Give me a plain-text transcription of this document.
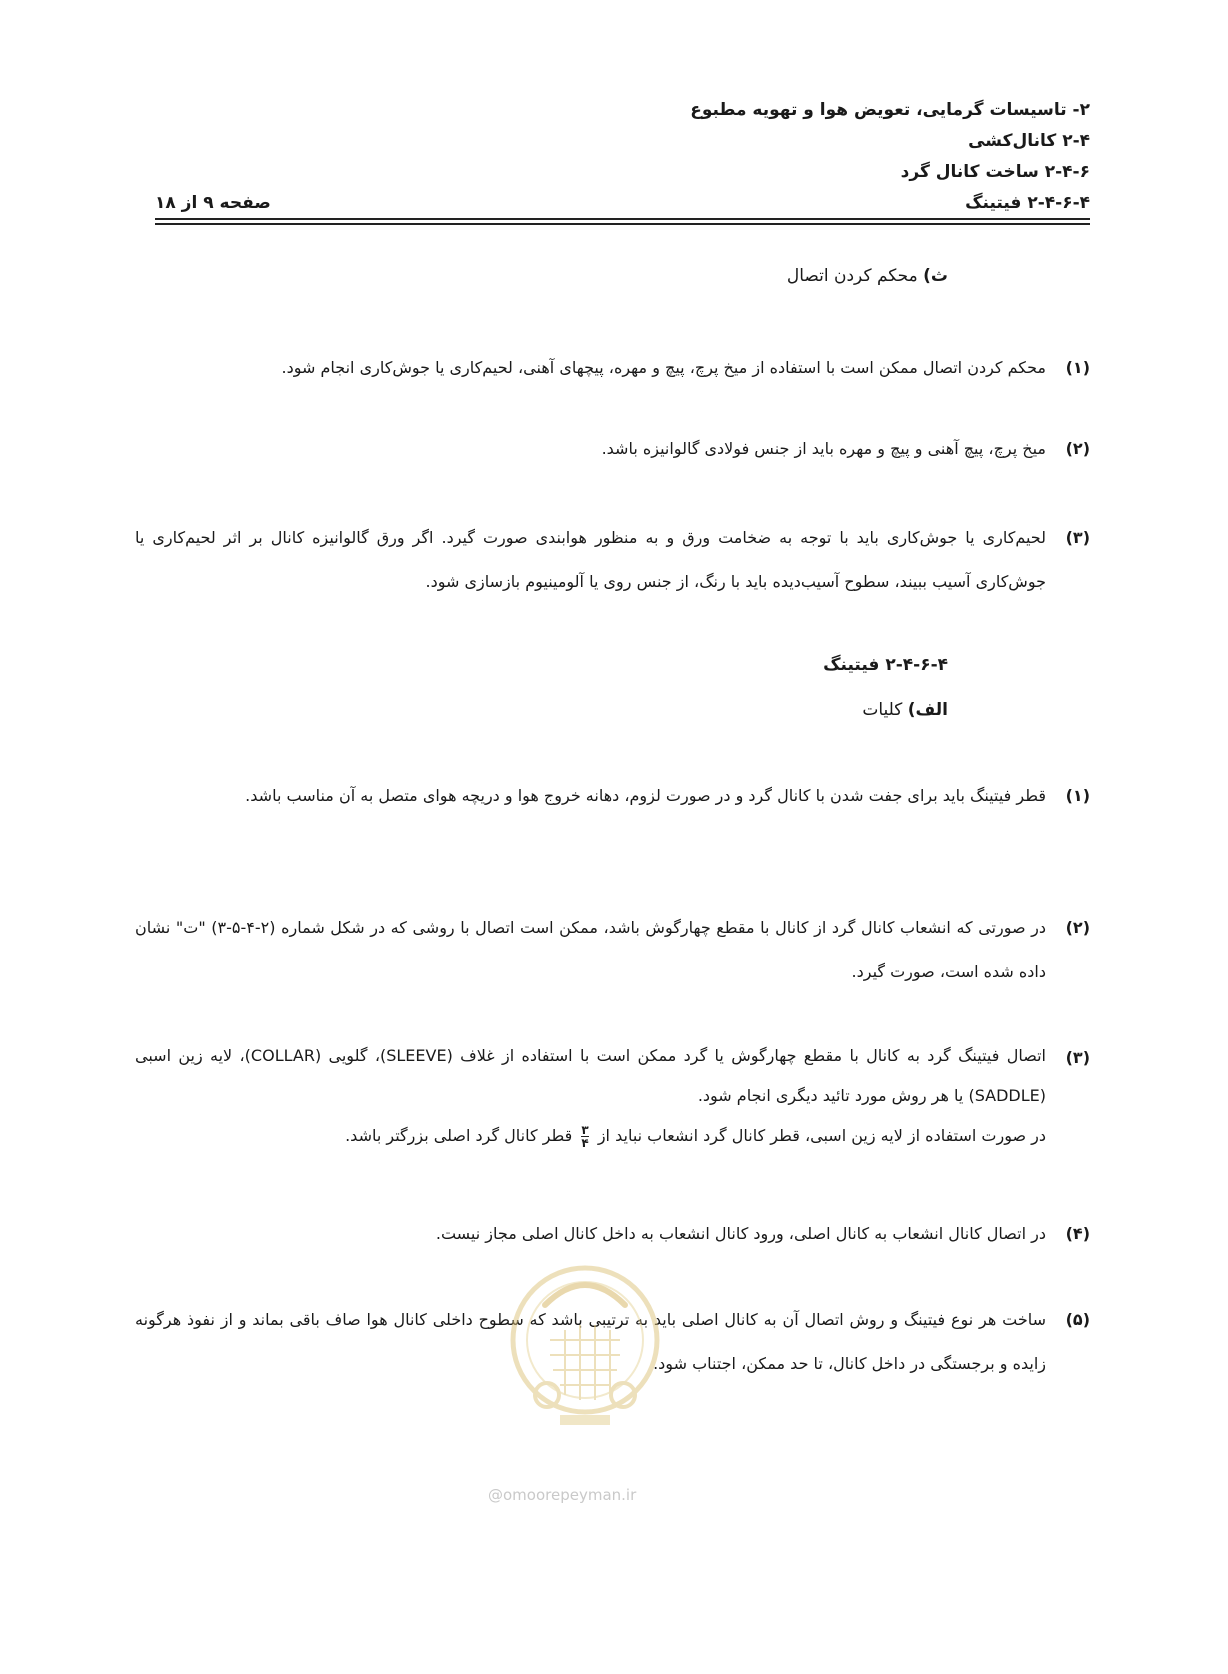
۲- تاسیسات گرمایی، تعویض هوا و تهویه مطبوع
۲-۴ کانال‌کشی
۲-۴-۶ ساخت کانال گرد
۲-۴-۶-۴ فیتینگ
صفحه ۹ از ۱۸
ث) محکم کردن اتصال
(۱)
محکم کردن اتصال ممکن است با استفاده از میخ پرچ، پیچ و مهره، پیچهای آهنی، لحیم‌کاری یا جوش‌کاری انجام شود.
(۲)
میخ پرچ، پیچ آهنی و پیچ و مهره باید از جنس فولادی گالوانیزه باشد.
(۳)
لحیم‌کاری یا جوش‌کاری باید با توجه به ضخامت ورق و به منظور هوابندی صورت گیرد. اگر ورق گالوانیزه کانال بر اثر لحیم‌کاری یا جوش‌کاری آسیب ببیند، سطوح آسیب‌دیده باید با رنگ، از جنس روی یا آلومینیوم بازسازی شود.
۲-۴-۶-۴ فیتینگ
الف) کلیات
(۱)
قطر فیتینگ باید برای جفت شدن با کانال گرد و در صورت لزوم، دهانه خروج هوا و دریچه هوای متصل به آن مناسب باشد.
(۲)
در صورتی که انشعاب کانال گرد از کانال با مقطع چهارگوش باشد، ممکن است اتصال با روشی که در شکل شماره (۲-۴-۵-۳) "ت" نشان داده شده است، صورت گیرد.
(۳)
اتصال فیتینگ گرد به کانال با مقطع چهارگوش یا گرد ممکن است با استفاده از غلاف (SLEEVE)، گلویی (COLLAR)، لایه زین اسبی (SADDLE) یا هر روش مورد تائید دیگری انجام شود.
در صورت استفاده از لایه زین اسبی، قطر کانال گرد انشعاب نباید از
$\frac{۳}{۴}$
قطر کانال گرد اصلی بزرگتر باشد.
(۴)
در اتصال کانال انشعاب به کانال اصلی، ورود کانال انشعاب به داخل کانال اصلی مجاز نیست.
(۵)
ساخت هر نوع فیتینگ و روش اتصال آن به کانال اصلی باید به ترتیبی باشد که سطوح داخلی کانال هوا صاف باقی بماند و از نفوذ هرگونه زایده و برجستگی در داخل کانال، تا حد ممکن، اجتناب شود.
@omoorepeyman.ir
